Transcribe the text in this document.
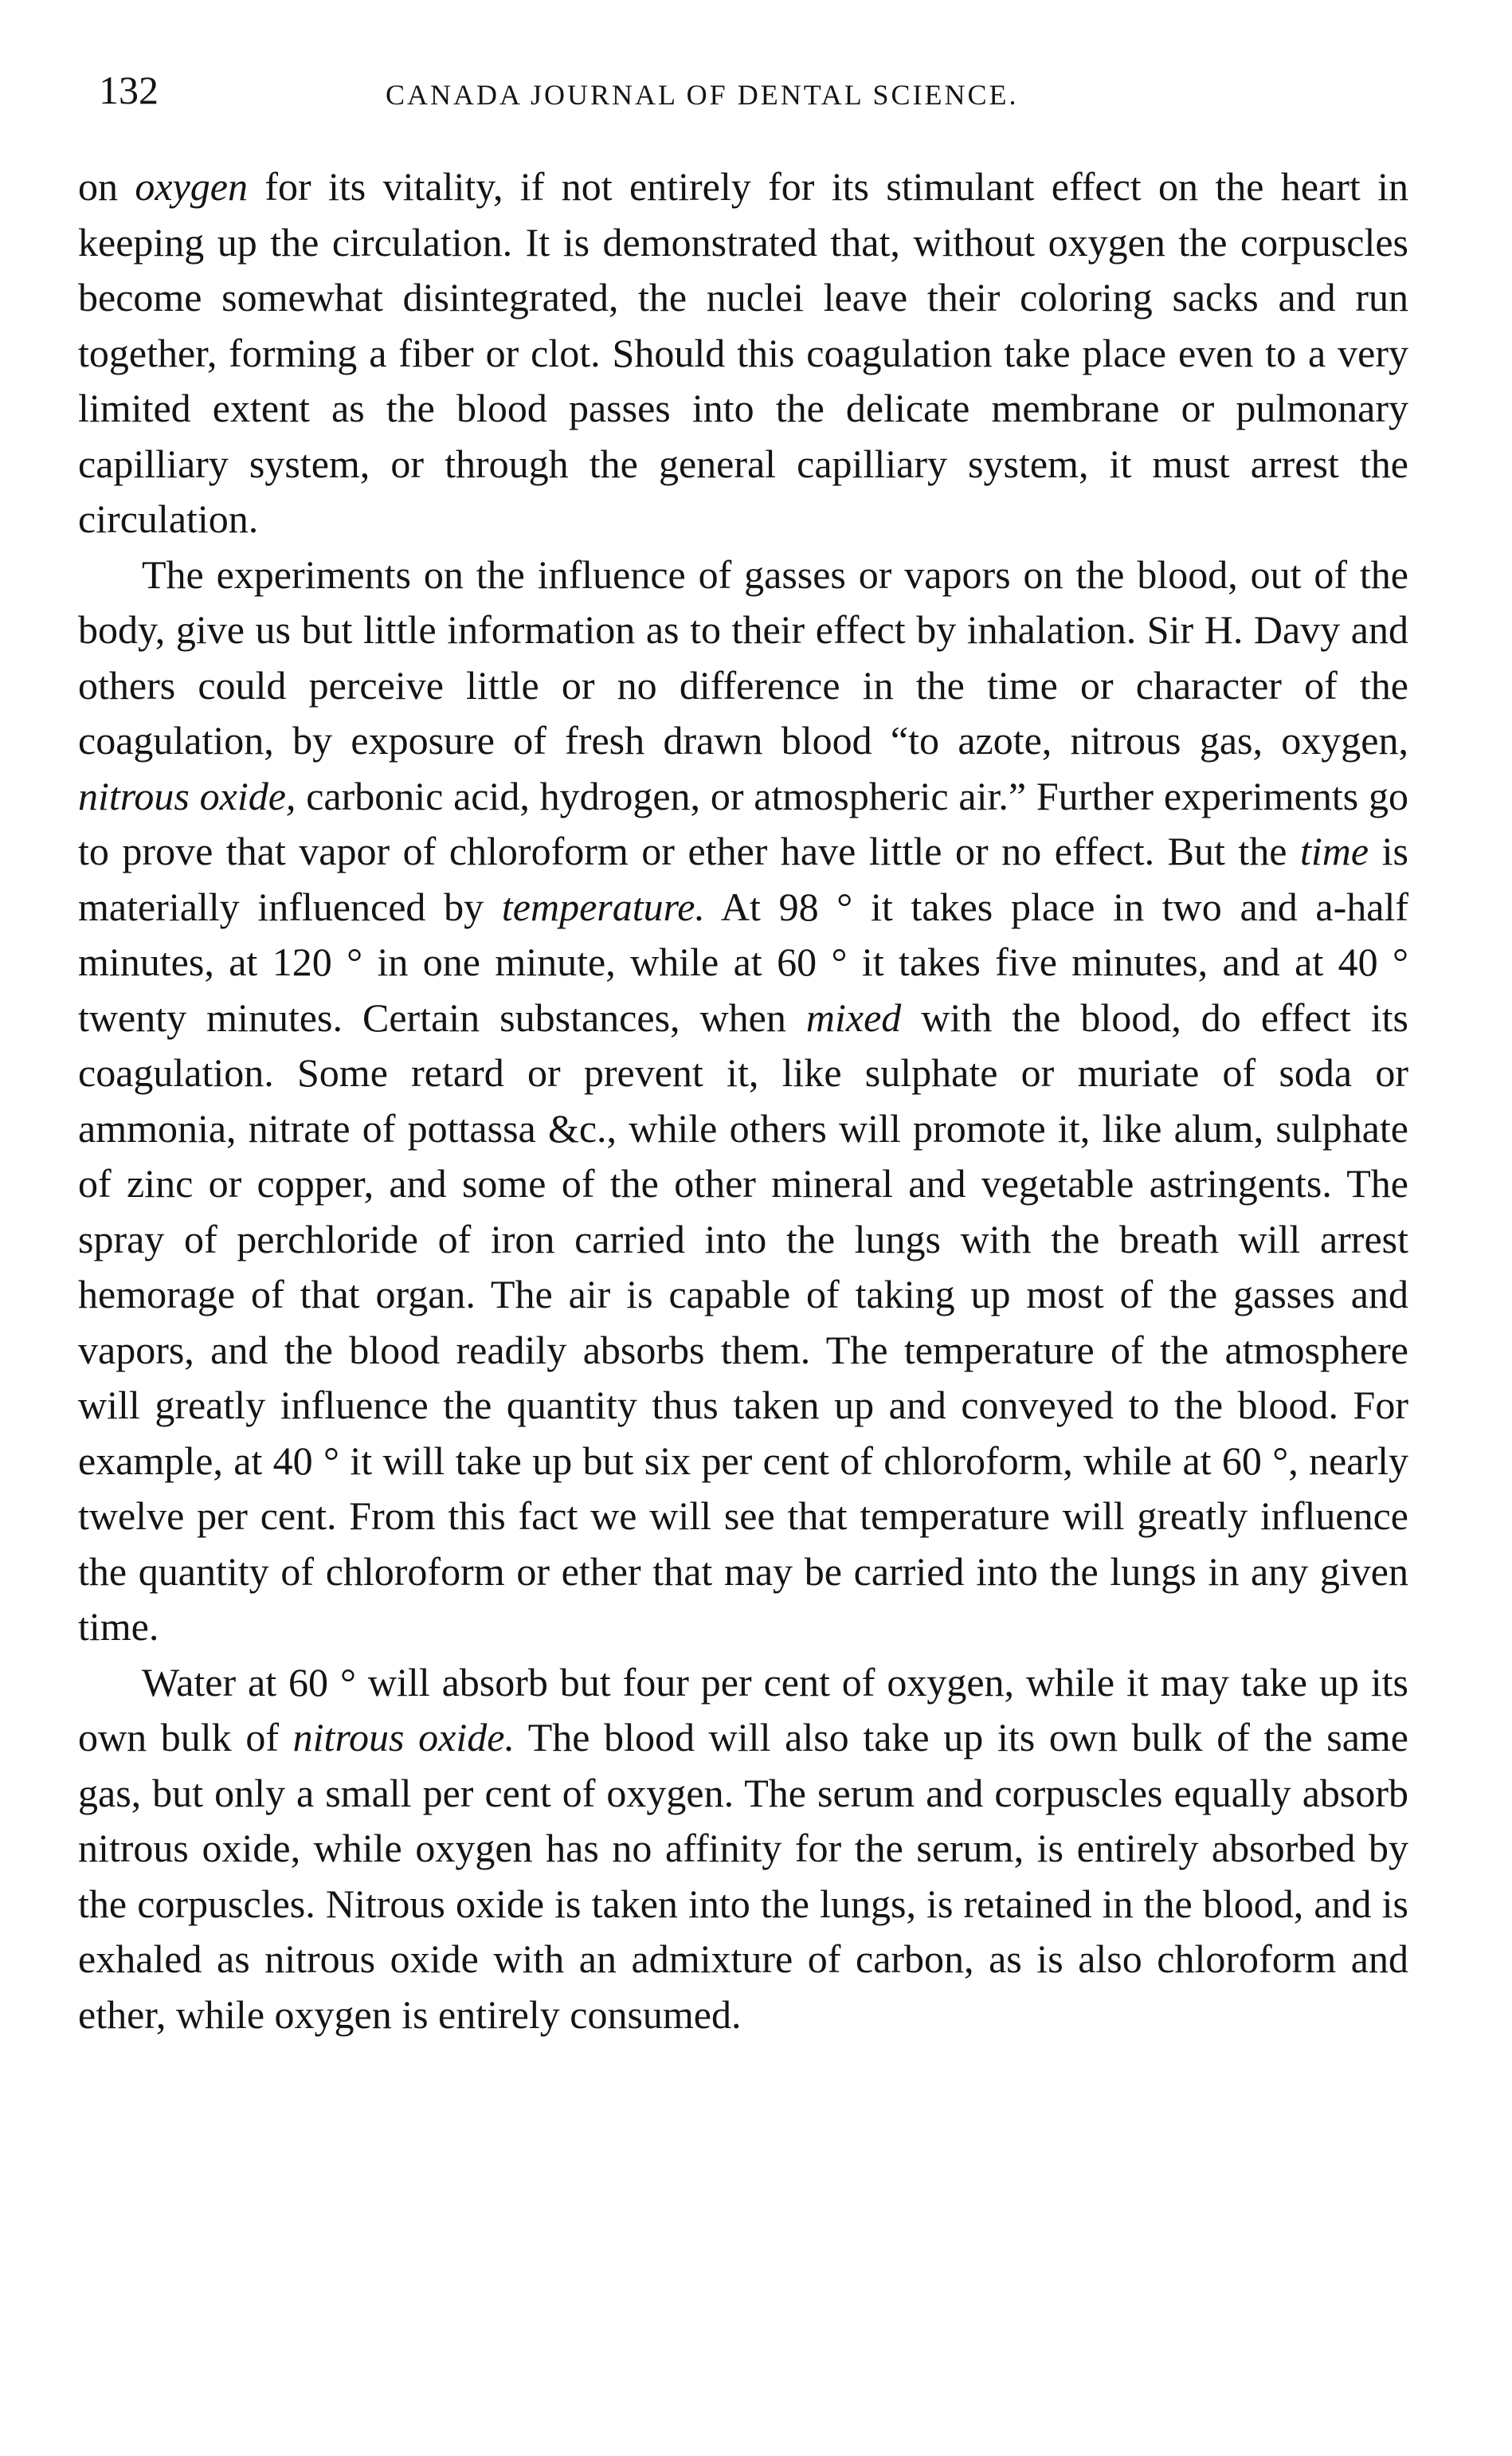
132	CANADA JOURNAL OF DENTAL SCIENCE.

on oxygen for its vitality, if not entirely for its stimulant effect on the heart in keeping up the circulation. It is demonstrated that, without oxygen the corpuscles become somewhat disintegrated, the nuclei leave their coloring sacks and run together, forming a fiber or clot. Should this coagulation take place even to a very limited extent as the blood passes into the delicate membrane or pulmonary capilliary system, or through the general capilliary system, it must arrest the circulation.

The experiments on the influence of gasses or vapors on the blood, out of the body, give us but little information as to their effect by inhalation. Sir H. Davy and others could perceive little or no difference in the time or character of the coagulation, by exposure of fresh drawn blood “to azote, nitrous gas, oxygen, nitrous oxide, carbonic acid, hydrogen, or atmospheric air.” Further experiments go to prove that vapor of chloroform or ether have little or no effect. But the time is materially influenced by temperature. At 98 ° it takes place in two and a-half minutes, at 120 ° in one minute, while at 60 ° it takes five minutes, and at 40 ° twenty minutes. Certain substances, when mixed with the blood, do effect its coagulation. Some retard or prevent it, like sulphate or muriate of soda or ammonia, nitrate of pottassa &c., while others will promote it, like alum, sulphate of zinc or copper, and some of the other mineral and vegetable astringents. The spray of perchloride of iron carried into the lungs with the breath will arrest hemorage of that organ. The air is capable of taking up most of the gasses and vapors, and the blood readily absorbs them. The temperature of the atmosphere will greatly influence the quantity thus taken up and conveyed to the blood. For example, at 40 ° it will take up but six per cent of chloroform, while at 60 °, nearly twelve per cent. From this fact we will see that temperature will greatly influence the quantity of chloroform or ether that may be carried into the lungs in any given time.

Water at 60 ° will absorb but four per cent of oxygen, while it may take up its own bulk of nitrous oxide. The blood will also take up its own bulk of the same gas, but only a small per cent of oxygen. The serum and corpuscles equally absorb nitrous oxide, while oxygen has no affinity for the serum, is entirely absorbed by the corpuscles. Nitrous oxide is taken into the lungs, is retained in the blood, and is exhaled as nitrous oxide with an admixture of carbon, as is also chloroform and ether, while oxygen is entirely consumed.
